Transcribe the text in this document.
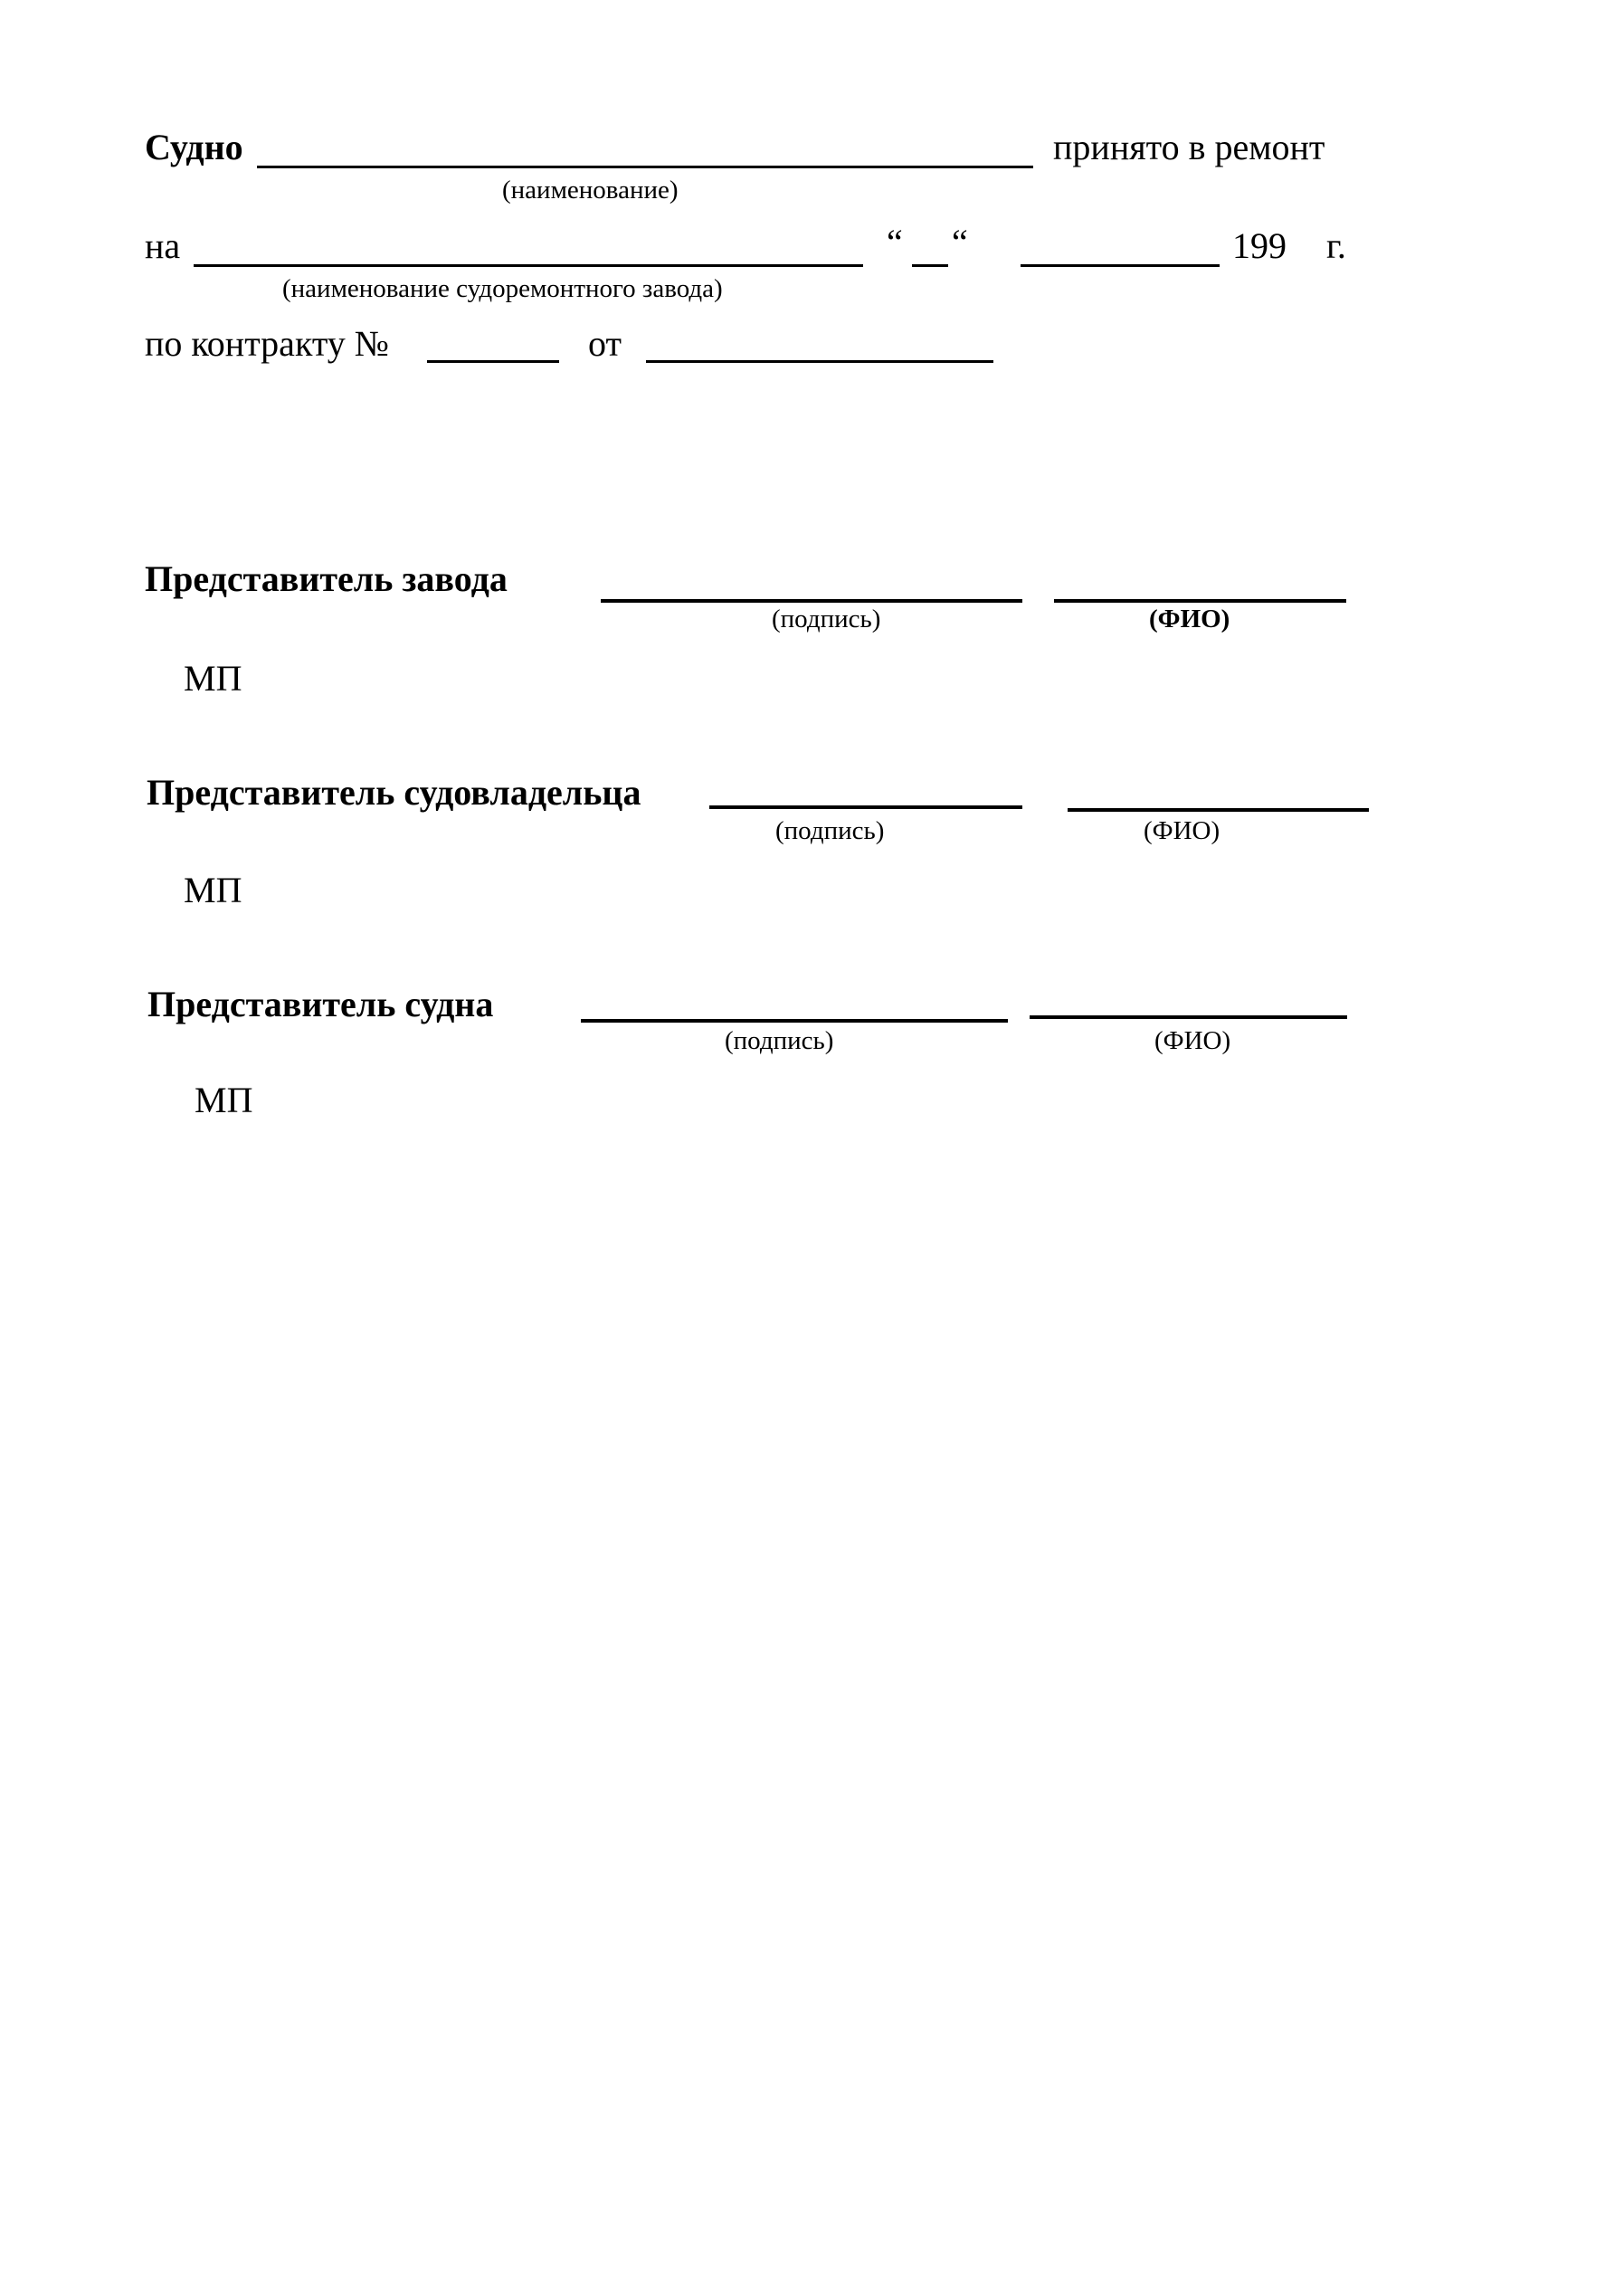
Судно
(наименование)
принято в ремонт
на
(наименование судоремонтного завода)
“ “	199 г.
по контракту №	от
Представитель завода
(подпись)	(ФИО)
МП
Представитель судовладельца
(подпись)	(ФИО)
МП
Представитель судна
(подпись)	(ФИО)
МП
